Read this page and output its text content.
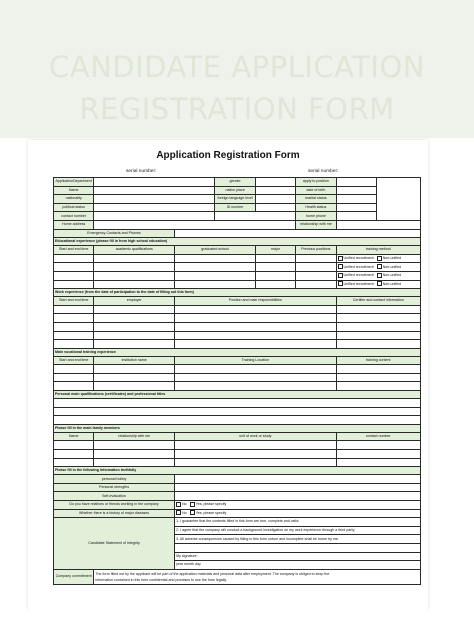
CANDIDATE APPLICATION
REGISTRATION FORM
Application Registration Form
serial number:	serial number:
ApplicationDepartment			gender		apply to position		
Name			native place		date of birth		
nationality			foreign language level		marital status		
political status			ID number		Health status		
contact number					home phone		
Home address					relationship with me		
Emergency Contacts and Phones							
Educational experience (please fill in from high school education)							
Start and end time	academic qualifications	graduated school		major	Previous positions	training method	
						Unified recruitment Non-unified	
						Unified recruitment Non-unified	
						Unified recruitment Non-unified	
						Unified recruitment Non-unified	
Work experience (from the date of participation to the date of filling out this form)							
Start and end time	employer	Position and main responsibilities				Certifier and contact information	

Main vocational training experience							
Start and end time	institution name	Training Location				training content	

Personal main qualifications (certificates) and professional titles							

Please fill in the main family members							
Name	relationship with me	unit of work or study				contact number	

Please fill in the following information truthfully							
personal hobby							
Personal strengths							
Self-evaluation							
Do you have relatives or friends working in the company		No Yes, please specify					
Whether there is a history of major diseases		No Yes, please specify					
Candidate Statement of Integrity		1. I guarantee that the contents filled in this form are true, complete and valid;					
		2. I agree that the company will conduct a background investigation on my work experience through a third party;					
		3. All adverse consequences caused by filling in this form untrue and incomplete shall be borne by me.					

		My signature:					
		year month day					
Company commitment	The form filled out by the applicant will be part of the application materials and personal data after employment. The company is obliged to keep the
information contained in this form confidential and promises to use the form legally.						
